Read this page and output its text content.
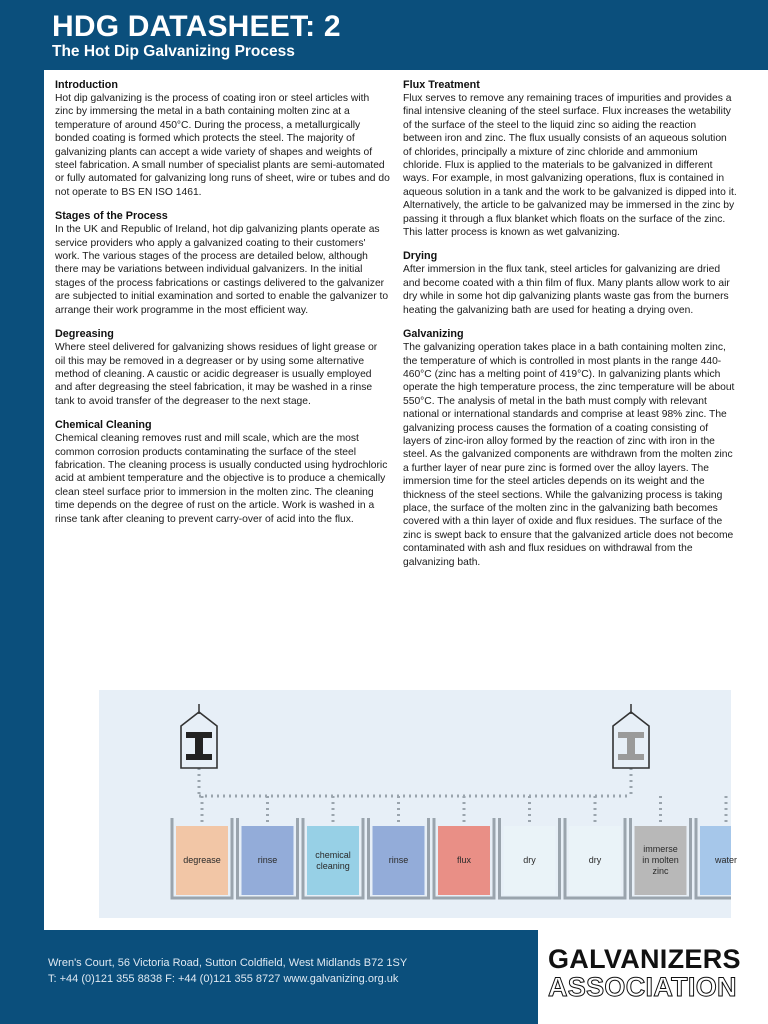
HDG DATASHEET: 2
The Hot Dip Galvanizing Process
Introduction

Hot dip galvanizing is the process of coating iron or steel articles with zinc by immersing the metal in a bath containing molten zinc at a temperature of around 450°C. During the process, a metallurgically bonded coating is formed which protects the steel. The majority of galvanizing plants can accept a wide variety of shapes and weights of steel fabrication. A small number of specialist plants are semi-automated or fully automated for galvanizing long runs of sheet, wire or tubes and do not operate to BS EN ISO 1461.

Stages of the Process

In the UK and Republic of Ireland, hot dip galvanizing plants operate as service providers who apply a galvanized coating to their customers' work. The various stages of the process are detailed below, although there may be variations between individual galvanizers. In the initial stages of the process fabrications or castings delivered to the galvanizer are subjected to initial examination and sorted to enable the galvanizer to arrange their work programme in the most efficient way.

Degreasing

Where steel delivered for galvanizing shows residues of light grease or oil this may be removed in a degreaser or by using some alternative method of cleaning. A caustic or acidic degreaser is usually employed and after degreasing the steel fabrication, it may be washed in a rinse tank to avoid transfer of the degreaser to the next stage.

Chemical Cleaning

Chemical cleaning removes rust and mill scale, which are the most common corrosion products contaminating the surface of the steel fabrication. The cleaning process is usually conducted using hydrochloric acid at ambient temperature and the objective is to produce a chemically clean steel surface prior to immersion in the molten zinc. The cleaning time depends on the degree of rust on the article. Work is washed in a rinse tank after cleaning to prevent carry-over of acid into the flux.

Flux Treatment

Flux serves to remove any remaining traces of impurities and provides a final intensive cleaning of the steel surface. Flux increases the wetability of the surface of the steel to the liquid zinc so aiding the reaction between iron and zinc. The flux usually consists of an aqueous solution of chlorides, principally a mixture of zinc chloride and ammonium chloride. Flux is applied to the materials to be galvanized in different ways. For example, in most galvanizing operations, flux is contained in aqueous solution in a tank and the work to be galvanized is dipped into it. Alternatively, the article to be galvanized may be immersed in the zinc by passing it through a flux blanket which floats on the surface of the zinc. This latter process is known as wet galvanizing.

Drying

After immersion in the flux tank, steel articles for galvanizing are dried and become coated with a thin film of flux. Many plants allow work to air dry while in some hot dip galvanizing plants waste gas from the burners heating the galvanizing bath are used for heating a drying oven.

Galvanizing

The galvanizing operation takes place in a bath containing molten zinc, the temperature of which is controlled in most plants in the range 440-460°C (zinc has a melting point of 419°C). In galvanizing plants which operate the high temperature process, the zinc temperature will be about 550°C. The analysis of metal in the bath must comply with relevant national or international standards and comprise at least 98% zinc. The galvanizing process causes the formation of a coating consisting of layers of zinc-iron alloy formed by the reaction of zinc with iron in the steel. As the galvanized components are withdrawn from the molten zinc a further layer of near pure zinc is formed over the alloy layers. The immersion time for the steel articles depends on its weight and the thickness of the steel sections. While the galvanizing process is taking place, the surface of the molten zinc in the galvanizing bath becomes covered with a thin layer of oxide and flux residues. The surface of the zinc is swept back to ensure that the galvanized article does not become contaminated with ash and flux residues on withdrawal from the galvanizing bath.

degrease	rinse
chemical
cleaning
rinse	flux	dry	dry
immerse
in molten
zinc
water
Wren's Court, 56 Victoria Road, Sutton Coldfield, West Midlands B72 1SY
T: +44 (0)121 355 8838 F: +44 (0)121 355 8727 www.galvanizing.org.uk
GALVANIZERS
ASSOCIATION
